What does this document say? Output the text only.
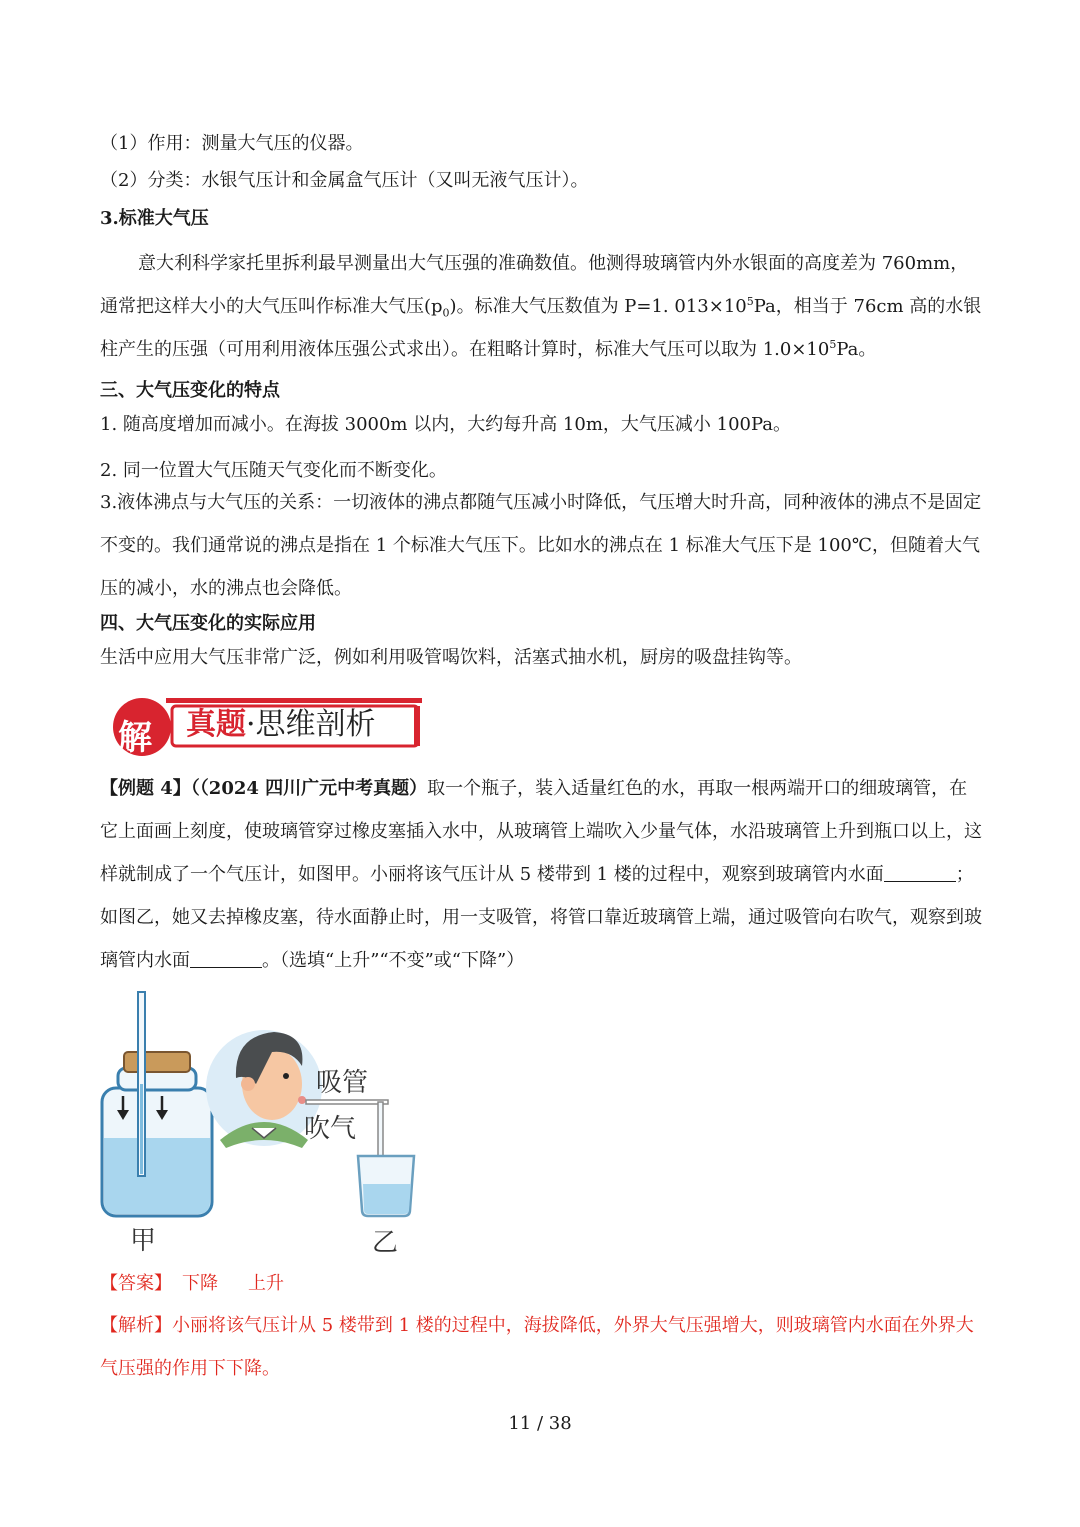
（1）作用：测量大气压的仪器。
（2）分类：水银气压计和金属盒气压计（又叫无液气压计）。
3.标准大气压
意大利科学家托里拆利最早测量出大气压强的准确数值。他测得玻璃管内外水银面的高度差为 760mm，通常把这样大小的大气压叫作标准大气压$(p_0)$。标准大气压数值为 P=1. $013\times 10^5Pa$，相当于 76cm 高的水银柱产生的压强（可用利用液体压强公式求出）。在粗略计算时，标准大气压可以取为 $1.0\times 10^5Pa$。
三、大气压变化的特点
1. 随高度增加而减小。在海拔 3000m 以内，大约每升高 10m，大气压减小 100Pa。
2. 同一位置大气压随天气变化而不断变化。
3.液体沸点与大气压的关系：一切液体的沸点都随气压减小时降低，气压增大时升高，同种液体的沸点不是固定不变的。我们通常说的沸点是指在 1 个标准大气压下。比如水的沸点在 1 标准大气压下是 100℃，但随着大气压的减小，水的沸点也会降低。
四、大气压变化的实际应用
生活中应用大气压非常广泛，例如利用吸管喝饮料，活塞式抽水机，厨房的吸盘挂钩等。
解 真题·思维剖析
【例题 4】（（2024 四川广元中考真题）取一个瓶子，装入适量红色的水，再取一根两端开口的细玻璃管，在它上面画上刻度，使玻璃管穿过橡皮塞插入水中，从玻璃管上端吹入少量气体，水沿玻璃管上升到瓶口以上，这样就制成了一个气压计，如图甲。小丽将该气压计从 5 楼带到 1 楼的过程中，观察到玻璃管内水面	；如图乙，她又去掉橡皮塞，待水面静止时，用一支吸管，将管口靠近玻璃管上端，通过吸管向右吹气，观察到玻璃管内水面	。（选填“上升”“不变”或“下降”）
甲	乙
吸管
吹气
【答案】 下降 上升
【解析】小丽将该气压计从 5 楼带到 1 楼的过程中，海拔降低，外界大气压强增大，则玻璃管内水面在外界大气压强的作用下下降。
11 / 38
